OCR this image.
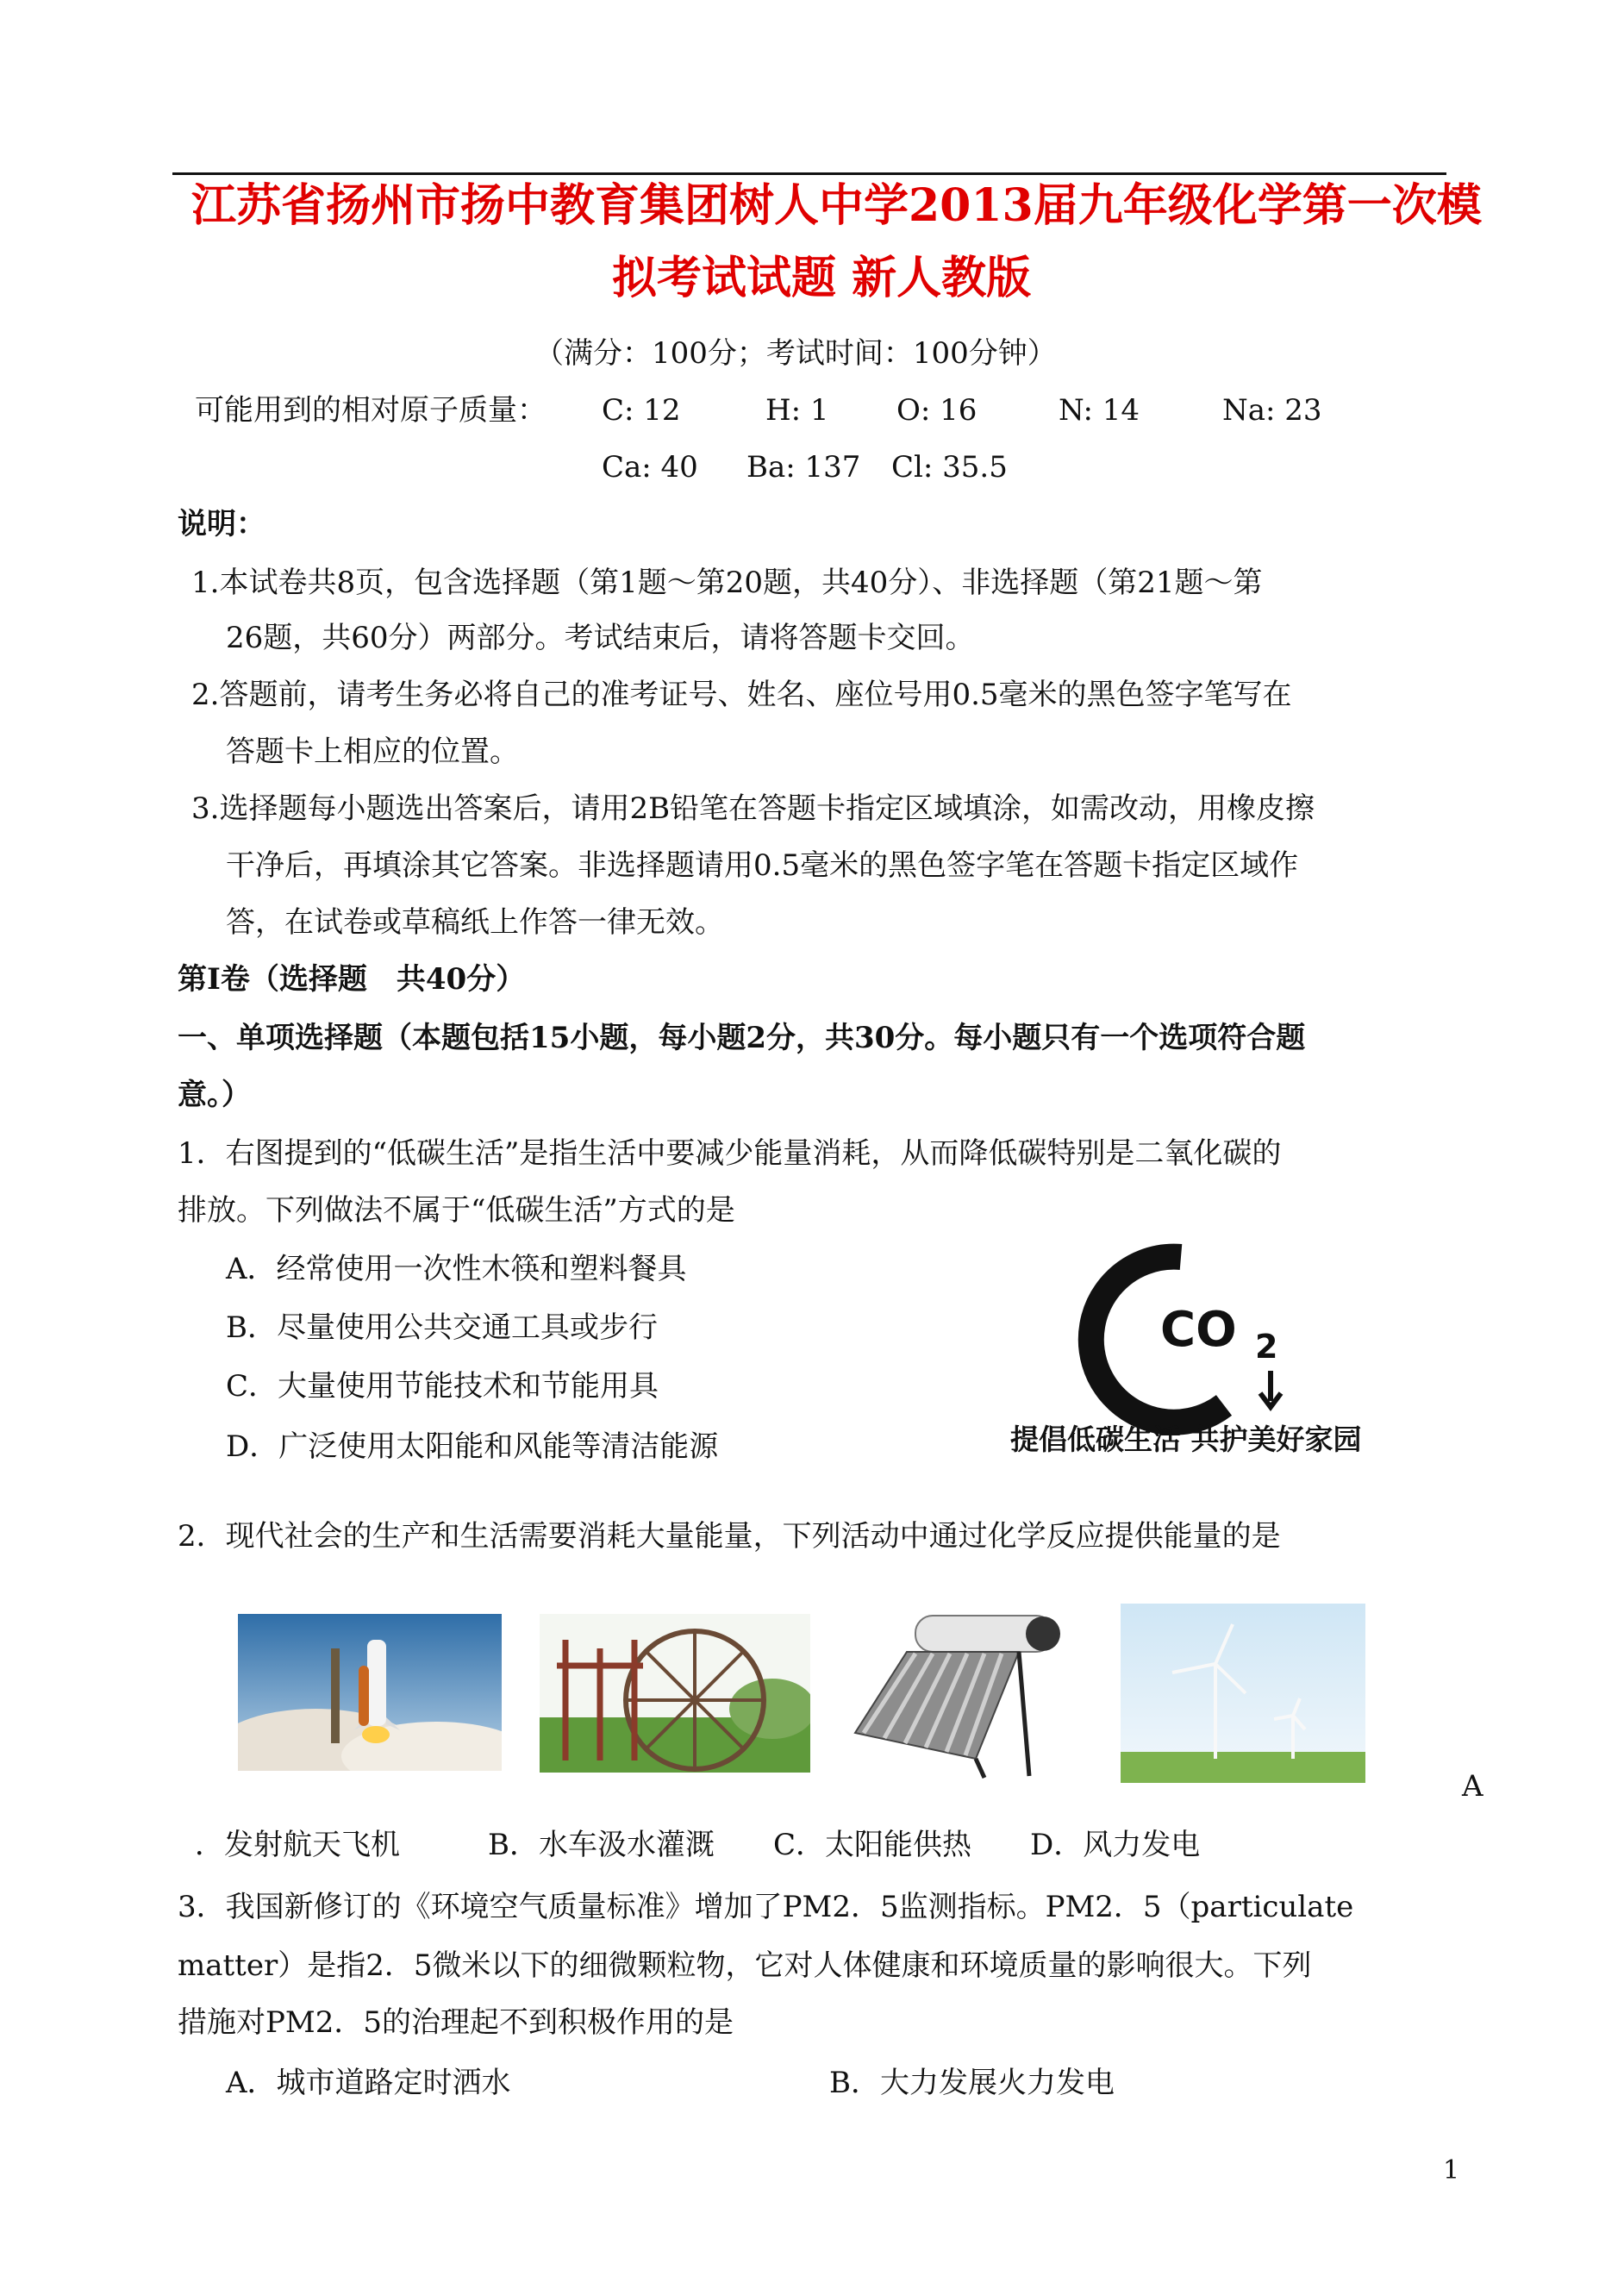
江苏省扬州市扬中教育集团树人中学2013届九年级化学第一次模
拟考试试题 新人教版
（满分：100分；考试时间：100分钟）
可能用到的相对原子质量： C: 12	H: 1 O: 16	N: 14	Na: 23
Ca: 40 Ba: 137 Cl: 35.5
说明：
1.本试卷共8页，包含选择题（第1题～第20题，共40分）、非选择题（第21题～第
26题，共60分）两部分。考试结束后，请将答题卡交回。
2.答题前，请考生务必将自己的准考证号、姓名、座位号用0.5毫米的黑色签字笔写在
答题卡上相应的位置。
3.选择题每小题选出答案后，请用2B铅笔在答题卡指定区域填涂，如需改动，用橡皮擦
干净后，再填涂其它答案。非选择题请用0.5毫米的黑色签字笔在答题卡指定区域作
答，在试卷或草稿纸上作答一律无效。
第Ⅰ卷（选择题　共40分）
一、单项选择题（本题包括15小题，每小题2分，共30分。每小题只有一个选项符合题
意。）
1．右图提到的“低碳生活”是指生活中要减少能量消耗，从而降低碳特别是二氧化碳的
排放。下列做法不属于“低碳生活”方式的是
A．经常使用一次性木筷和塑料餐具
B．尽量使用公共交通工具或步行
C．大量使用节能技术和节能用具
D．广泛使用太阳能和风能等清洁能源
CO 2
提倡低碳生活 共护美好家园
2．现代社会的生产和生活需要消耗大量能量，下列活动中通过化学反应提供能量的是
A
．发射航天飞机　　　B．水车汲水灌溉　　C．太阳能供热　　D．风力发电
3．我国新修订的《环境空气质量标准》增加了PM2．5监测指标。PM2．5（particulate
matter）是指2．5微米以下的细微颗粒物，它对人体健康和环境质量的影响很大。下列
措施对PM2．5的治理起不到积极作用的是
A．城市道路定时洒水	B．大力发展火力发电
1
